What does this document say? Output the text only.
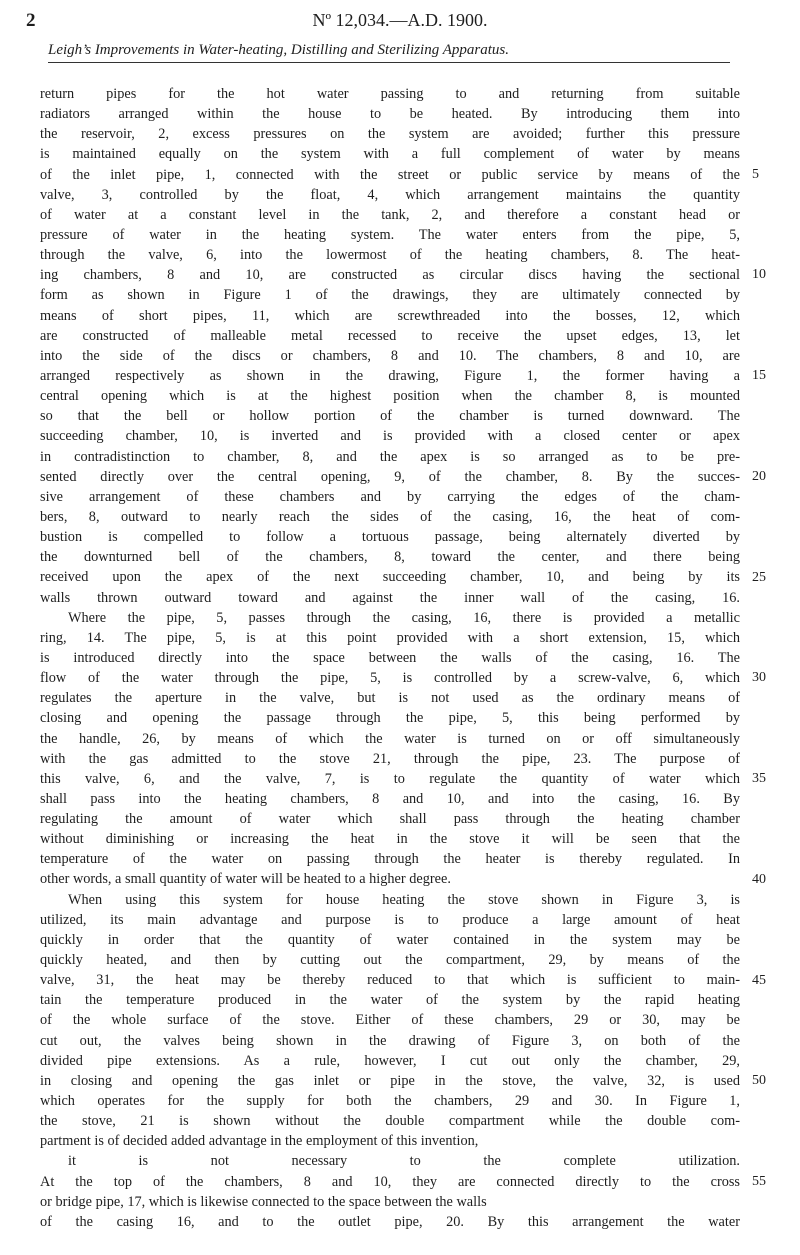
2	Nº 12,034.—A.D. 1900.
Leigh’s Improvements in Water-heating, Distilling and Sterilizing Apparatus.
return pipes for the hot water passing to and returning from suitable
radiators arranged within the house to be heated. By introducing them into
the reservoir, 2, excess pressures on the system are avoided; further this pressure
is maintained equally on the system with a full complement of water by means
of the inlet pipe, 1, connected with the street or public service by means of the
valve, 3, controlled by the float, 4, which arrangement maintains the quantity
of water at a constant level in the tank, 2, and therefore a constant head or
pressure of water in the heating system. The water enters from the pipe, 5,
through the valve, 6, into the lowermost of the heating chambers, 8. The heat-
ing chambers, 8 and 10, are constructed as circular discs having the sectional
form as shown in Figure 1 of the drawings, they are ultimately connected by
means of short pipes, 11, which are screwthreaded into the bosses, 12, which
are constructed of malleable metal recessed to receive the upset edges, 13, let
into the side of the discs or chambers, 8 and 10. The chambers, 8 and 10, are
arranged respectively as shown in the drawing, Figure 1, the former having a
central opening which is at the highest position when the chamber 8, is mounted
so that the bell or hollow portion of the chamber is turned downward. The
succeeding chamber, 10, is inverted and is provided with a closed center or apex
in contradistinction to chamber, 8, and the apex is so arranged as to be pre-
sented directly over the central opening, 9, of the chamber, 8. By the succes-
sive arrangement of these chambers and by carrying the edges of the cham-
bers, 8, outward to nearly reach the sides of the casing, 16, the heat of com-
bustion is compelled to follow a tortuous passage, being alternately diverted by
the downturned bell of the chambers, 8, toward the center, and there being
received upon the apex of the next succeeding chamber, 10, and being by its
walls thrown outward toward and against the inner wall of the casing, 16.
Where the pipe, 5, passes through the casing, 16, there is provided a metallic
ring, 14. The pipe, 5, is at this point provided with a short extension, 15, which
is introduced directly into the space between the walls of the casing, 16. The
flow of the water through the pipe, 5, is controlled by a screw-valve, 6, which
regulates the aperture in the valve, but is not used as the ordinary means of
closing and opening the passage through the pipe, 5, this being performed by
the handle, 26, by means of which the water is turned on or off simultaneously
with the gas admitted to the stove 21, through the pipe, 23. The purpose of
this valve, 6, and the valve, 7, is to regulate the quantity of water which
shall pass into the heating chambers, 8 and 10, and into the casing, 16. By
regulating the amount of water which shall pass through the heating chamber
without diminishing or increasing the heat in the stove it will be seen that the
temperature of the water on passing through the heater is thereby regulated. In
other words, a small quantity of water will be heated to a higher degree.
When using this system for house heating the stove shown in Figure 3, is
utilized, its main advantage and purpose is to produce a large amount of heat
quickly in order that the quantity of water contained in the system may be
quickly heated, and then by cutting out the compartment, 29, by means of the
valve, 31, the heat may be thereby reduced to that which is sufficient to main-
tain the temperature produced in the water of the system by the rapid heating
of the whole surface of the stove. Either of these chambers, 29 or 30, may be
cut out, the valves being shown in the drawing of Figure 3, on both of the
divided pipe extensions. As a rule, however, I cut out only the chamber, 29,
in closing and opening the gas inlet or pipe in the stove, the valve, 32, is used
which operates for the supply for both the chambers, 29 and 30. In Figure 1,
the stove, 21 is shown without the double compartment while the double com-
partment is of decided added advantage in the employment of this invention,
it is not necessary to the complete utilization.
At the top of the chambers, 8 and 10, they are connected directly to the cross
or bridge pipe, 17, which is likewise connected to the space between the walls
of the casing 16, and to the outlet pipe, 20. By this arrangement the water
5
10
15
20
25
30
35
40
45
50
55
